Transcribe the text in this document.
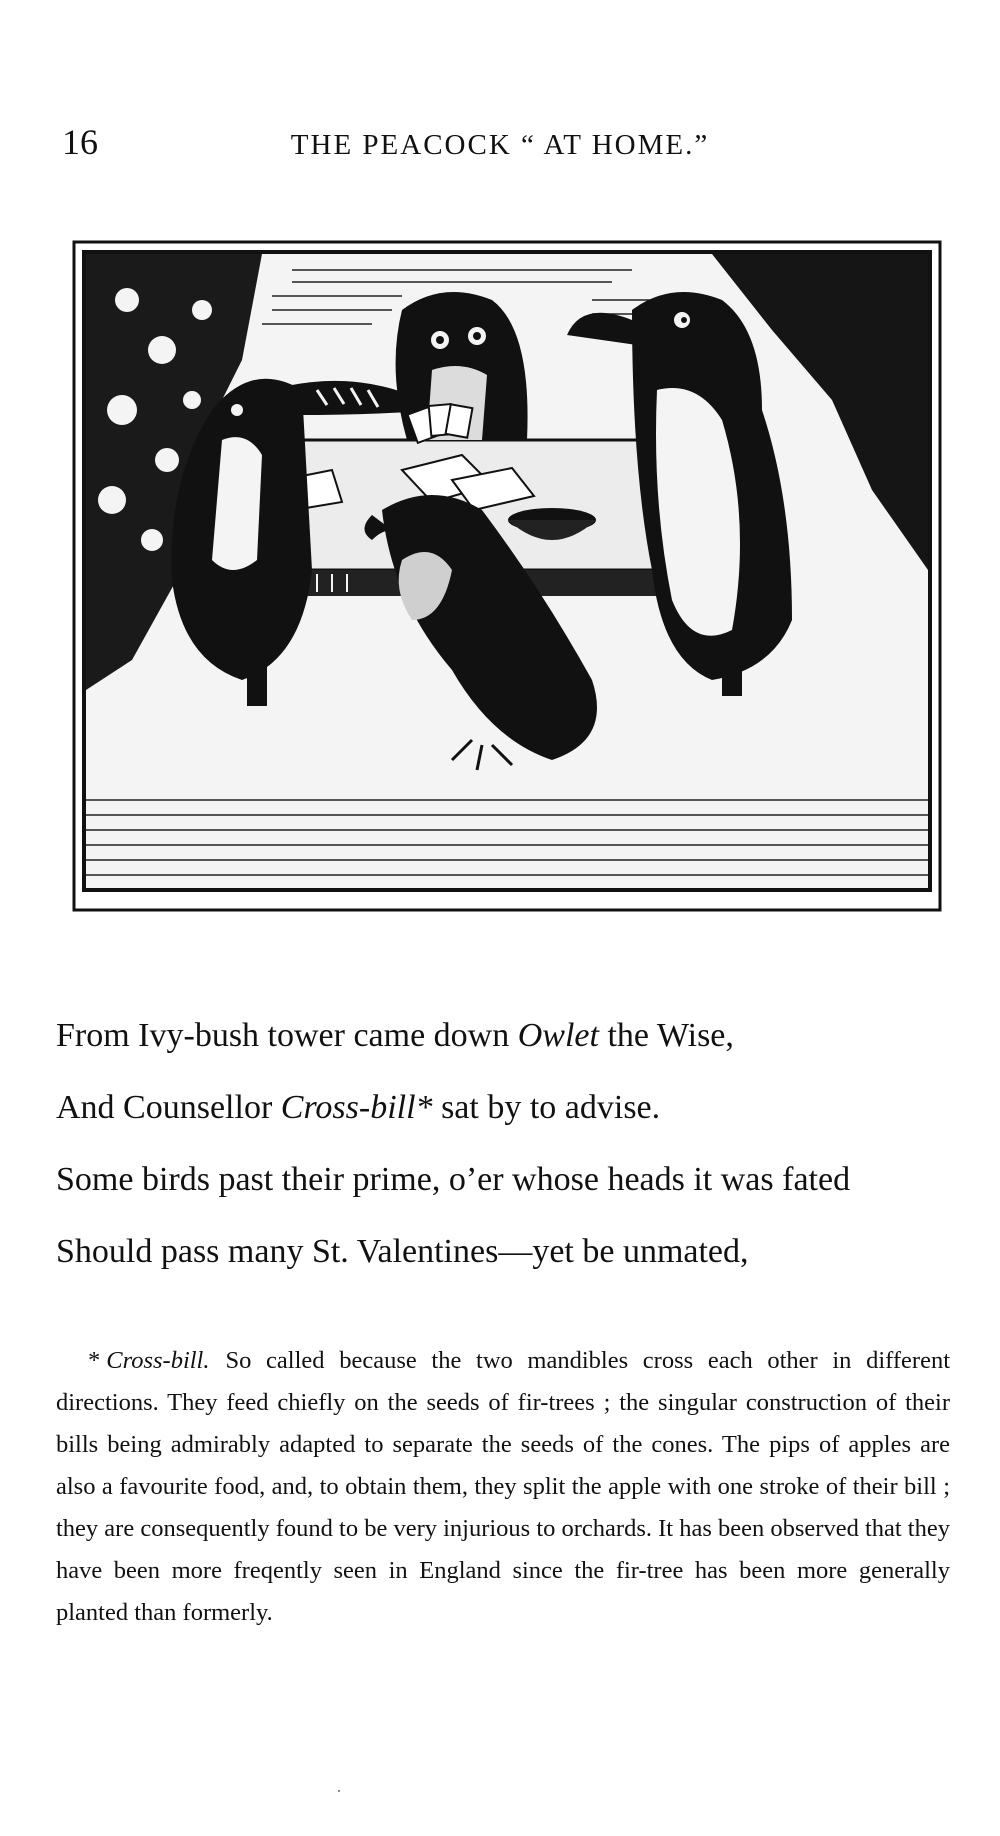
16	THE PEACOCK “ AT HOME.”
From Ivy-bush tower came down Owlet the Wise,
And Counsellor Cross-bill* sat by to advise.
Some birds past their prime, o’er whose heads it was fated
Should pass many St. Valentines—yet be unmated,
* Cross-bill. So called because the two mandibles cross each other in different directions. They feed chiefly on the seeds of fir-trees ; the singular construction of their bills being admirably adapted to separate the seeds of the cones. The pips of apples are also a favourite food, and, to obtain them, they split the apple with one stroke of their bill ; they are consequently found to be very injurious to orchards. It has been observed that they have been more freqently seen in England since the fir-tree has been more generally planted than formerly.
